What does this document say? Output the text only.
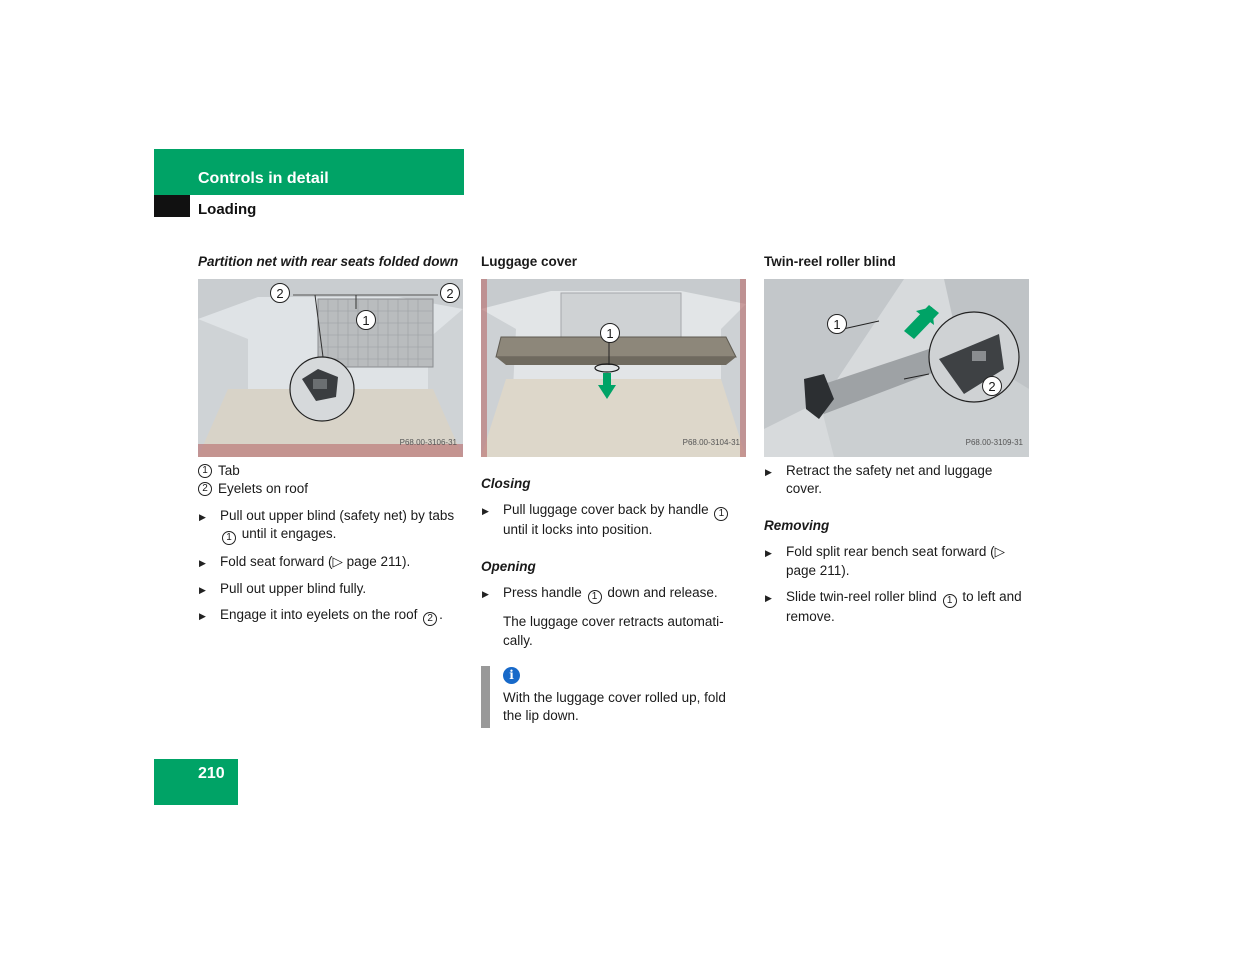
Controls in detail
Loading
Partition net with rear seats folded down
2	2
1
P68.00-3106-31
1 Tab
2 Eyelets on roof
▶ Pull out upper blind (safety net) by tabs 1 until it engages.
▶ Fold seat forward (▷ page 211).
▶ Pull out upper blind fully.
▶ Engage it into eyelets on the roof 2 .
Luggage cover
1
P68.00-3104-31
Closing
▶ Pull luggage cover back by handle 1 until it locks into position.
Opening
▶ Press handle 1 down and release.
The luggage cover retracts automati-cally.
i
With the luggage cover rolled up, fold the lip down.
Twin-reel roller blind
1
2
P68.00-3109-31
▶ Retract the safety net and luggage cover.
Removing
▶ Fold split rear bench seat forward (▷ page 211).
▶ Slide twin-reel roller blind 1 to left and remove.
210
